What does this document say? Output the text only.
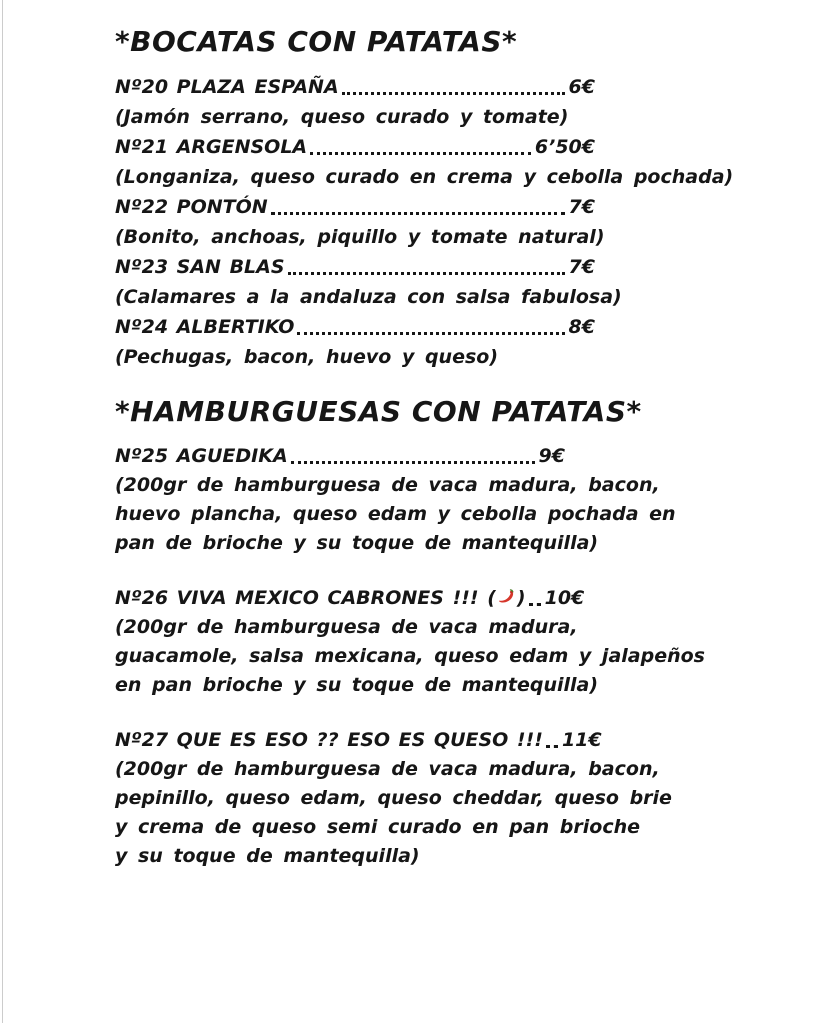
*BOCATAS CON PATATAS*
Nº20 PLAZA ESPAÑA	6€
(Jamón serrano, queso curado y tomate)
Nº21 ARGENSOLA	6’50€
(Longaniza, queso curado en crema y cebolla pochada)
Nº22 PONTÓN	7€
(Bonito, anchoas, piquillo y tomate natural)
Nº23 SAN BLAS	7€
(Calamares a la andaluza con salsa fabulosa)
Nº24 ALBERTIKO	8€
(Pechugas, bacon, huevo y queso)
*HAMBURGUESAS CON PATATAS*
Nº25 AGUEDIKA	9€
(200gr de hamburguesa de vaca madura, bacon,
huevo plancha, queso edam y cebolla pochada en
pan de brioche y su toque de mantequilla)
Nº26 VIVA MEXICO CABRONES !!! ( ) 10€
(200gr de hamburguesa de vaca madura,
guacamole, salsa mexicana, queso edam y jalapeños
en pan brioche y su toque de mantequilla)
Nº27 QUE ES ESO ?? ESO ES QUESO !!! 11€
(200gr de hamburguesa de vaca madura, bacon,
pepinillo, queso edam, queso cheddar, queso brie
y crema de queso semi curado en pan brioche
y su toque de mantequilla)
